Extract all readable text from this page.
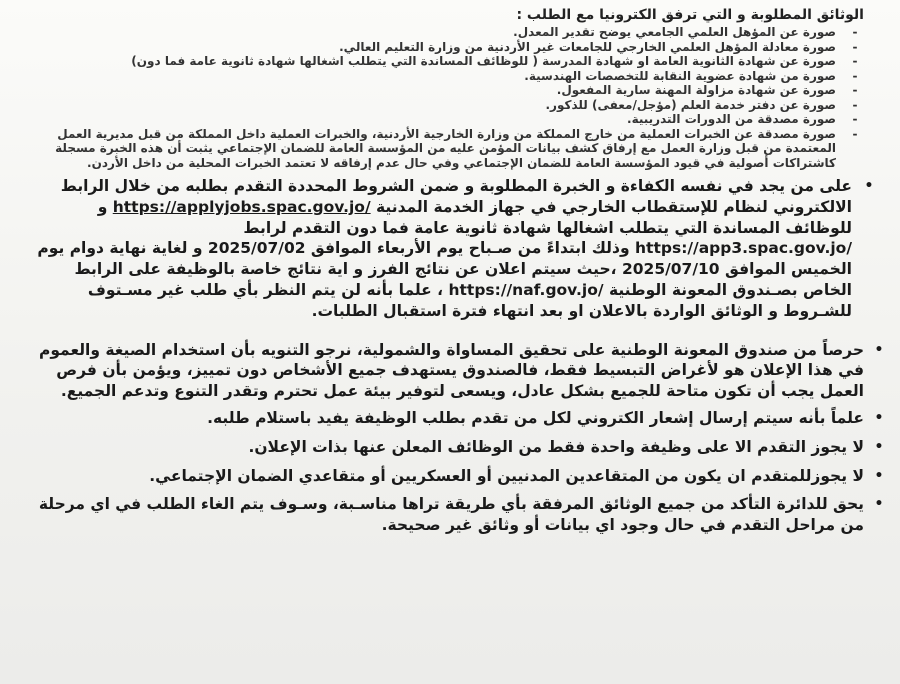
الوثائق المطلوبة و التي ترفق الكترونيا مع الطلب :
-
صورة عن المؤهل العلمي الجامعي يوضح تقدير المعدل.
-
صورة معادلة المؤهل العلمي الخارجي للجامعات غير الأردنية من وزارة التعليم العالي.
-
صورة عن شهادة الثانوية العامة او شهادة المدرسة ( للوظائف المساندة التي يتطلب اشغالها شهادة ثانوية عامة فما دون)
-
صورة من شهادة عضوية النقابة للتخصصات الهندسية.
-
صورة عن شهادة مزاولة المهنة سارية المفعول.
-
صورة عن دفتر خدمة العلم (مؤجل/معفى) للذكور.
-
صورة مصدقة من الدورات التدريبية.
-
صورة مصدقة عن الخبرات العملية من خارج المملكة من وزارة الخارجية الأردنية، والخبرات العملية داخل المملكة من قبل مديرية العمل المعتمدة من قبل وزارة العمل مع إرفاق كشف بيانات المؤمن عليه من المؤسسة العامة للضمان الإجتماعي يثبت أن هذه الخبرة مسجلة كاشتراكات أصولية في قيود المؤسسة العامة للضمان الإجتماعي وفي حال عدم إرفاقه لا تعتمد الخبرات المحلية من داخل الأردن.
•
على من يجد في نفسه الكفاءة و الخبرة المطلوبة و ضمن الشروط المحددة التقدم بطلبه من خلال الرابط الالكتروني لنظام للإستقطاب الخارجي في جهاز الخدمة المدنية https://applyjobs.spac.gov.jo/ و للوظائف المساندة التي يتطلب اشغالها شهادة ثانوية عامة فما دون التقدم لرابط https://app3.spac.gov.jo/ وذلك ابتداءً من صـباح يوم الأربعاء الموافق 2025/07/02 و لغاية نهاية دوام يوم الخميس الموافق 2025/07/10 ،حيث سيتم اعلان عن نتائج الفرز و اية نتائج خاصة بالوظيفة على الرابط الخاص بصـندوق المعونة الوطنية https://naf.gov.jo/ ، علما بأنه لن يتم النظر بأي طلب غير مسـتوف للشـروط و الوثائق الواردة بالاعلان او بعد انتهاء فترة استقبال الطلبات.
•
حرصاً من صندوق المعونة الوطنية على تحقيق المساواة والشمولية، نرجو التنويه بأن استخدام الصيغة والعموم في هذا الإعلان هو لأغراض التبسيط فقط، فالصندوق يستهدف جميع الأشخاص دون تمييز، ويؤمن بأن فرص العمل يجب أن تكون متاحة للجميع بشكل عادل، ويسعى لتوفير بيئة عمل تحترم وتقدر التنوع وتدعم الجميع.
•
علماً بأنه سيتم إرسال إشعار الكتروني لكل من تقدم بطلب الوظيفة يفيد باستلام طلبه.
•
لا يجوز التقدم الا على وظيفة واحدة فقط من الوظائف المعلن عنها بذات الإعلان.
•
لا يجوزللمتقدم ان يكون من المتقاعدين المدنيين أو العسكريين أو متقاعدي الضمان الإجتماعي.
•
يحق للدائرة التأكد من جميع الوثائق المرفقة بأي طريقة تراها مناسـبة، وسـوف يتم الغاء الطلب في اي مرحلة من مراحل التقدم في حال وجود اي بيانات أو وثائق غير صحيحة.
